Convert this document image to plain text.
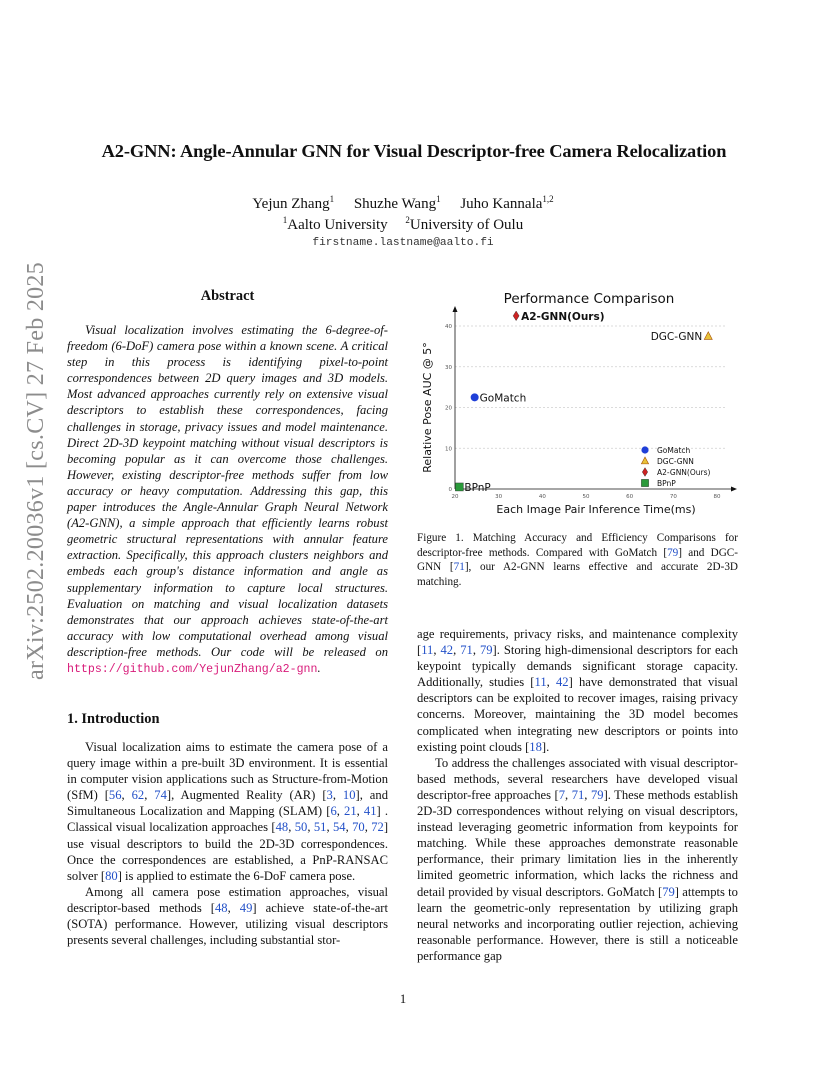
A2-GNN: Angle-Annular GNN for Visual Descriptor-free Camera Relocalization
Yejun Zhang$^1$ Shuzhe Wang$^1$ Juho Kannala$^{1,2}$
$^1$Aalto University $^2$University of Oulu
firstname.lastname@aalto.fi
arXiv:2502.20036v1 [cs.CV] 27 Feb 2025	Abstract
Visual localization involves estimating the 6-degree-of-freedom (6-DoF) camera pose within a known scene. A critical step in this process is identifying pixel-to-point correspondences between 2D query images and 3D models. Most advanced approaches currently rely on extensive visual descriptors to establish these correspondences, facing challenges in storage, privacy issues and model maintenance. Direct 2D-3D keypoint matching without visual descriptors is becoming popular as it can overcome those challenges. However, existing descriptor-free methods suffer from low accuracy or heavy computation. Addressing this gap, this paper introduces the Angle-Annular Graph Neural Network (A2-GNN), a simple approach that efficiently learns robust geometric structural representations with annular feature extraction. Specifically, this approach clusters neighbors and embeds each group's distance information and angle as supplementary information to capture local structures. Evaluation on matching and visual localization datasets demonstrates that our approach achieves state-of-the-art accuracy with low computational overhead among visual description-free methods. Our code will be released on https://github.com/YejunZhang/a2-gnn.
1. Introduction

Visual localization aims to estimate the camera pose of a query image within a pre-built 3D environment. It is essential in computer vision applications such as Structure-from-Motion (SfM) [56, 62, 74], Augmented Reality (AR) [3, 10], and Simultaneous Localization and Mapping (SLAM) [6, 21, 41] . Classical visual localization approaches [48, 50, 51, 54, 70, 72] use visual descriptors to build the 2D-3D correspondences. Once the correspondences are established, a PnP-RANSAC solver [80] is applied to estimate the 6-DoF camera pose.

Among all camera pose estimation approaches, visual descriptor-based methods [48, 49] achieve state-of-the-art (SOTA) performance. However, utilizing visual descriptors presents several challenges, including substantial stor-

Performance Comparison
0
10
20
30
40
20	30	40	50	60	70	80
Relative Pose AUC @ 5°
Each Image Pair Inference Time(ms)
GoMatch
DGC-GNN
A2-GNN(Ours)
BPnP
GoMatch
DGC-GNN
A2-GNN(Ours)
BPnP
Figure 1. Matching Accuracy and Efficiency Comparisons for descriptor-free methods. Compared with GoMatch [79] and DGC-GNN [71], our A2-GNN learns effective and accurate 2D-3D matching.

age requirements, privacy risks, and maintenance complexity [11, 42, 71, 79]. Storing high-dimensional descriptors for each keypoint typically demands significant storage capacity. Additionally, studies [11, 42] have demonstrated that visual descriptors can be exploited to recover images, raising privacy concerns. Moreover, maintaining the 3D model becomes complicated when integrating new descriptors or points into existing point clouds [18].

To address the challenges associated with visual descriptor-based methods, several researchers have developed visual descriptor-free approaches [7, 71, 79]. These methods establish 2D-3D correspondences without relying on visual descriptors, instead leveraging geometric information from keypoints for matching. While these approaches demonstrate reasonable performance, their primary limitation lies in the inherently limited geometric information, which lacks the richness and detail provided by visual descriptors. GoMatch [79] attempts to learn the geometric-only representation by utilizing graph neural networks and incorporating outlier rejection, achieving reasonable performance. However, there is still a noticeable performance gap

1
